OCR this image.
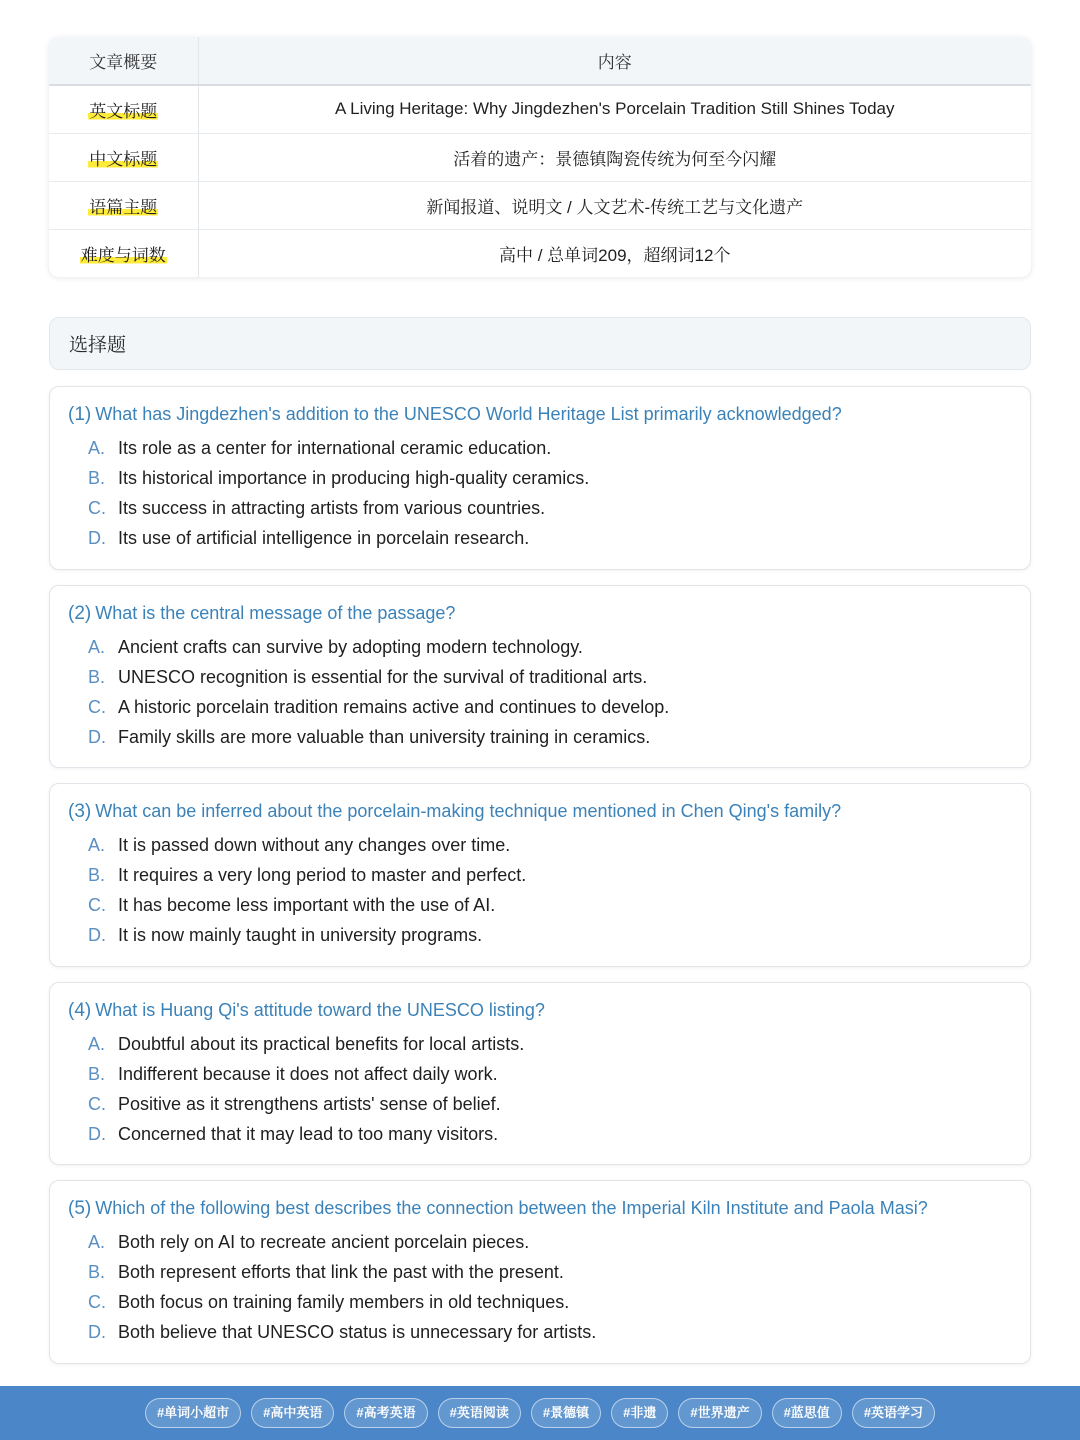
文章概要	内容
英文标题	A Living Heritage: Why Jingdezhen's Porcelain Tradition Still Shines Today
中文标题	活着的遗产：景德镇陶瓷传统为何至今闪耀
语篇主题	新闻报道、说明文 / 人文艺术-传统工艺与文化遗产
难度与词数	高中 / 总单词209，超纲词12个
选择题
(1) What has Jingdezhen's addition to the UNESCO World Heritage List primarily acknowledged?
A. Its role as a center for international ceramic education.
B. Its historical importance in producing high-quality ceramics.
C. Its success in attracting artists from various countries.
D. Its use of artificial intelligence in porcelain research.
(2) What is the central message of the passage?
A. Ancient crafts can survive by adopting modern technology.
B. UNESCO recognition is essential for the survival of traditional arts.
C. A historic porcelain tradition remains active and continues to develop.
D. Family skills are more valuable than university training in ceramics.
(3) What can be inferred about the porcelain-making technique mentioned in Chen Qing's family?
A. It is passed down without any changes over time.
B. It requires a very long period to master and perfect.
C. It has become less important with the use of AI.
D. It is now mainly taught in university programs.
(4) What is Huang Qi's attitude toward the UNESCO listing?
A. Doubtful about its practical benefits for local artists.
B. Indifferent because it does not affect daily work.
C. Positive as it strengthens artists' sense of belief.
D. Concerned that it may lead to too many visitors.
(5) Which of the following best describes the connection between the Imperial Kiln Institute and Paola Masi?
A. Both rely on AI to recreate ancient porcelain pieces.
B. Both represent efforts that link the past with the present.
C. Both focus on training family members in old techniques.
D. Both believe that UNESCO status is unnecessary for artists.
#单词小超市	#高中英语	#高考英语	#英语阅读	#景德镇	#非遗	#世界遗产	#蓝思值	#英语学习
